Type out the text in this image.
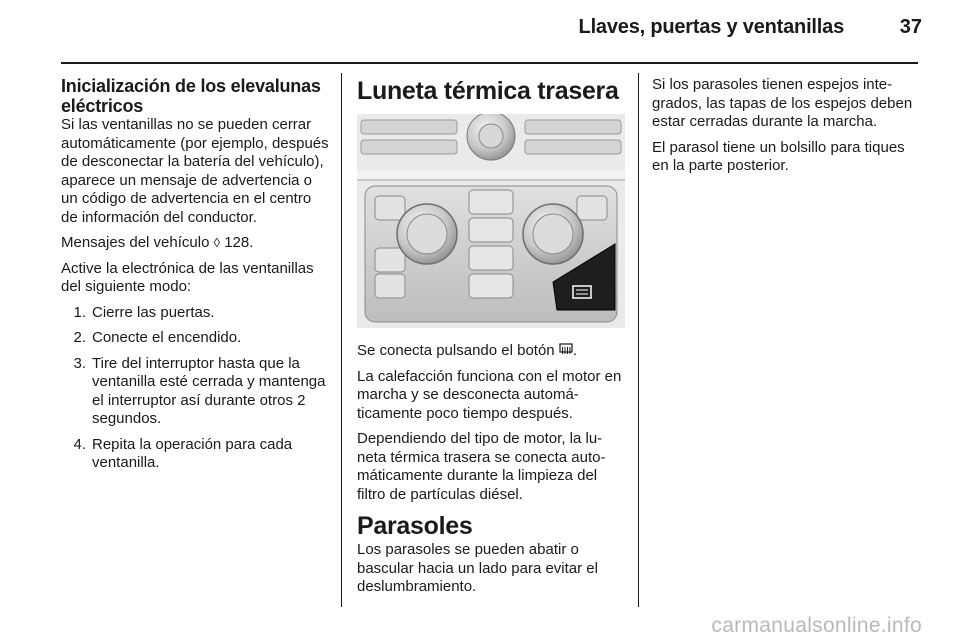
Llaves, puertas y ventanillas	37
Inicialización de los elevalunas eléctricos

Si las ventanillas no se pueden cerrar automáticamente (por ejemplo, después de desconectar la batería del vehículo), aparece un mensaje de advertencia o un código de advertencia en el centro de información del conductor.

Mensajes del vehículo ◊ 128.

Active la electrónica de las ventanillas del siguiente modo:

1. Cierre las puertas.
2. Conecte el encendido.
3. Tire del interruptor hasta que la ventanilla esté cerrada y mantenga el interruptor así durante otros 2 segundos.
4. Repita la operación para cada ventanilla.
Luneta térmica trasera

Se conecta pulsando el botón .

La calefacción funciona con el motor en marcha y se desconecta automáticamente poco tiempo después.

Dependiendo del tipo de motor, la luneta térmica trasera se conecta automáticamente durante la limpieza del filtro de partículas diésel.

Parasoles

Los parasoles se pueden abatir o bascular hacia un lado para evitar el deslumbramiento.

Si los parasoles tienen espejos integrados, las tapas de los espejos deben estar cerradas durante la marcha.

El parasol tiene un bolsillo para tiques en la parte posterior.

carmanualsonline.info
